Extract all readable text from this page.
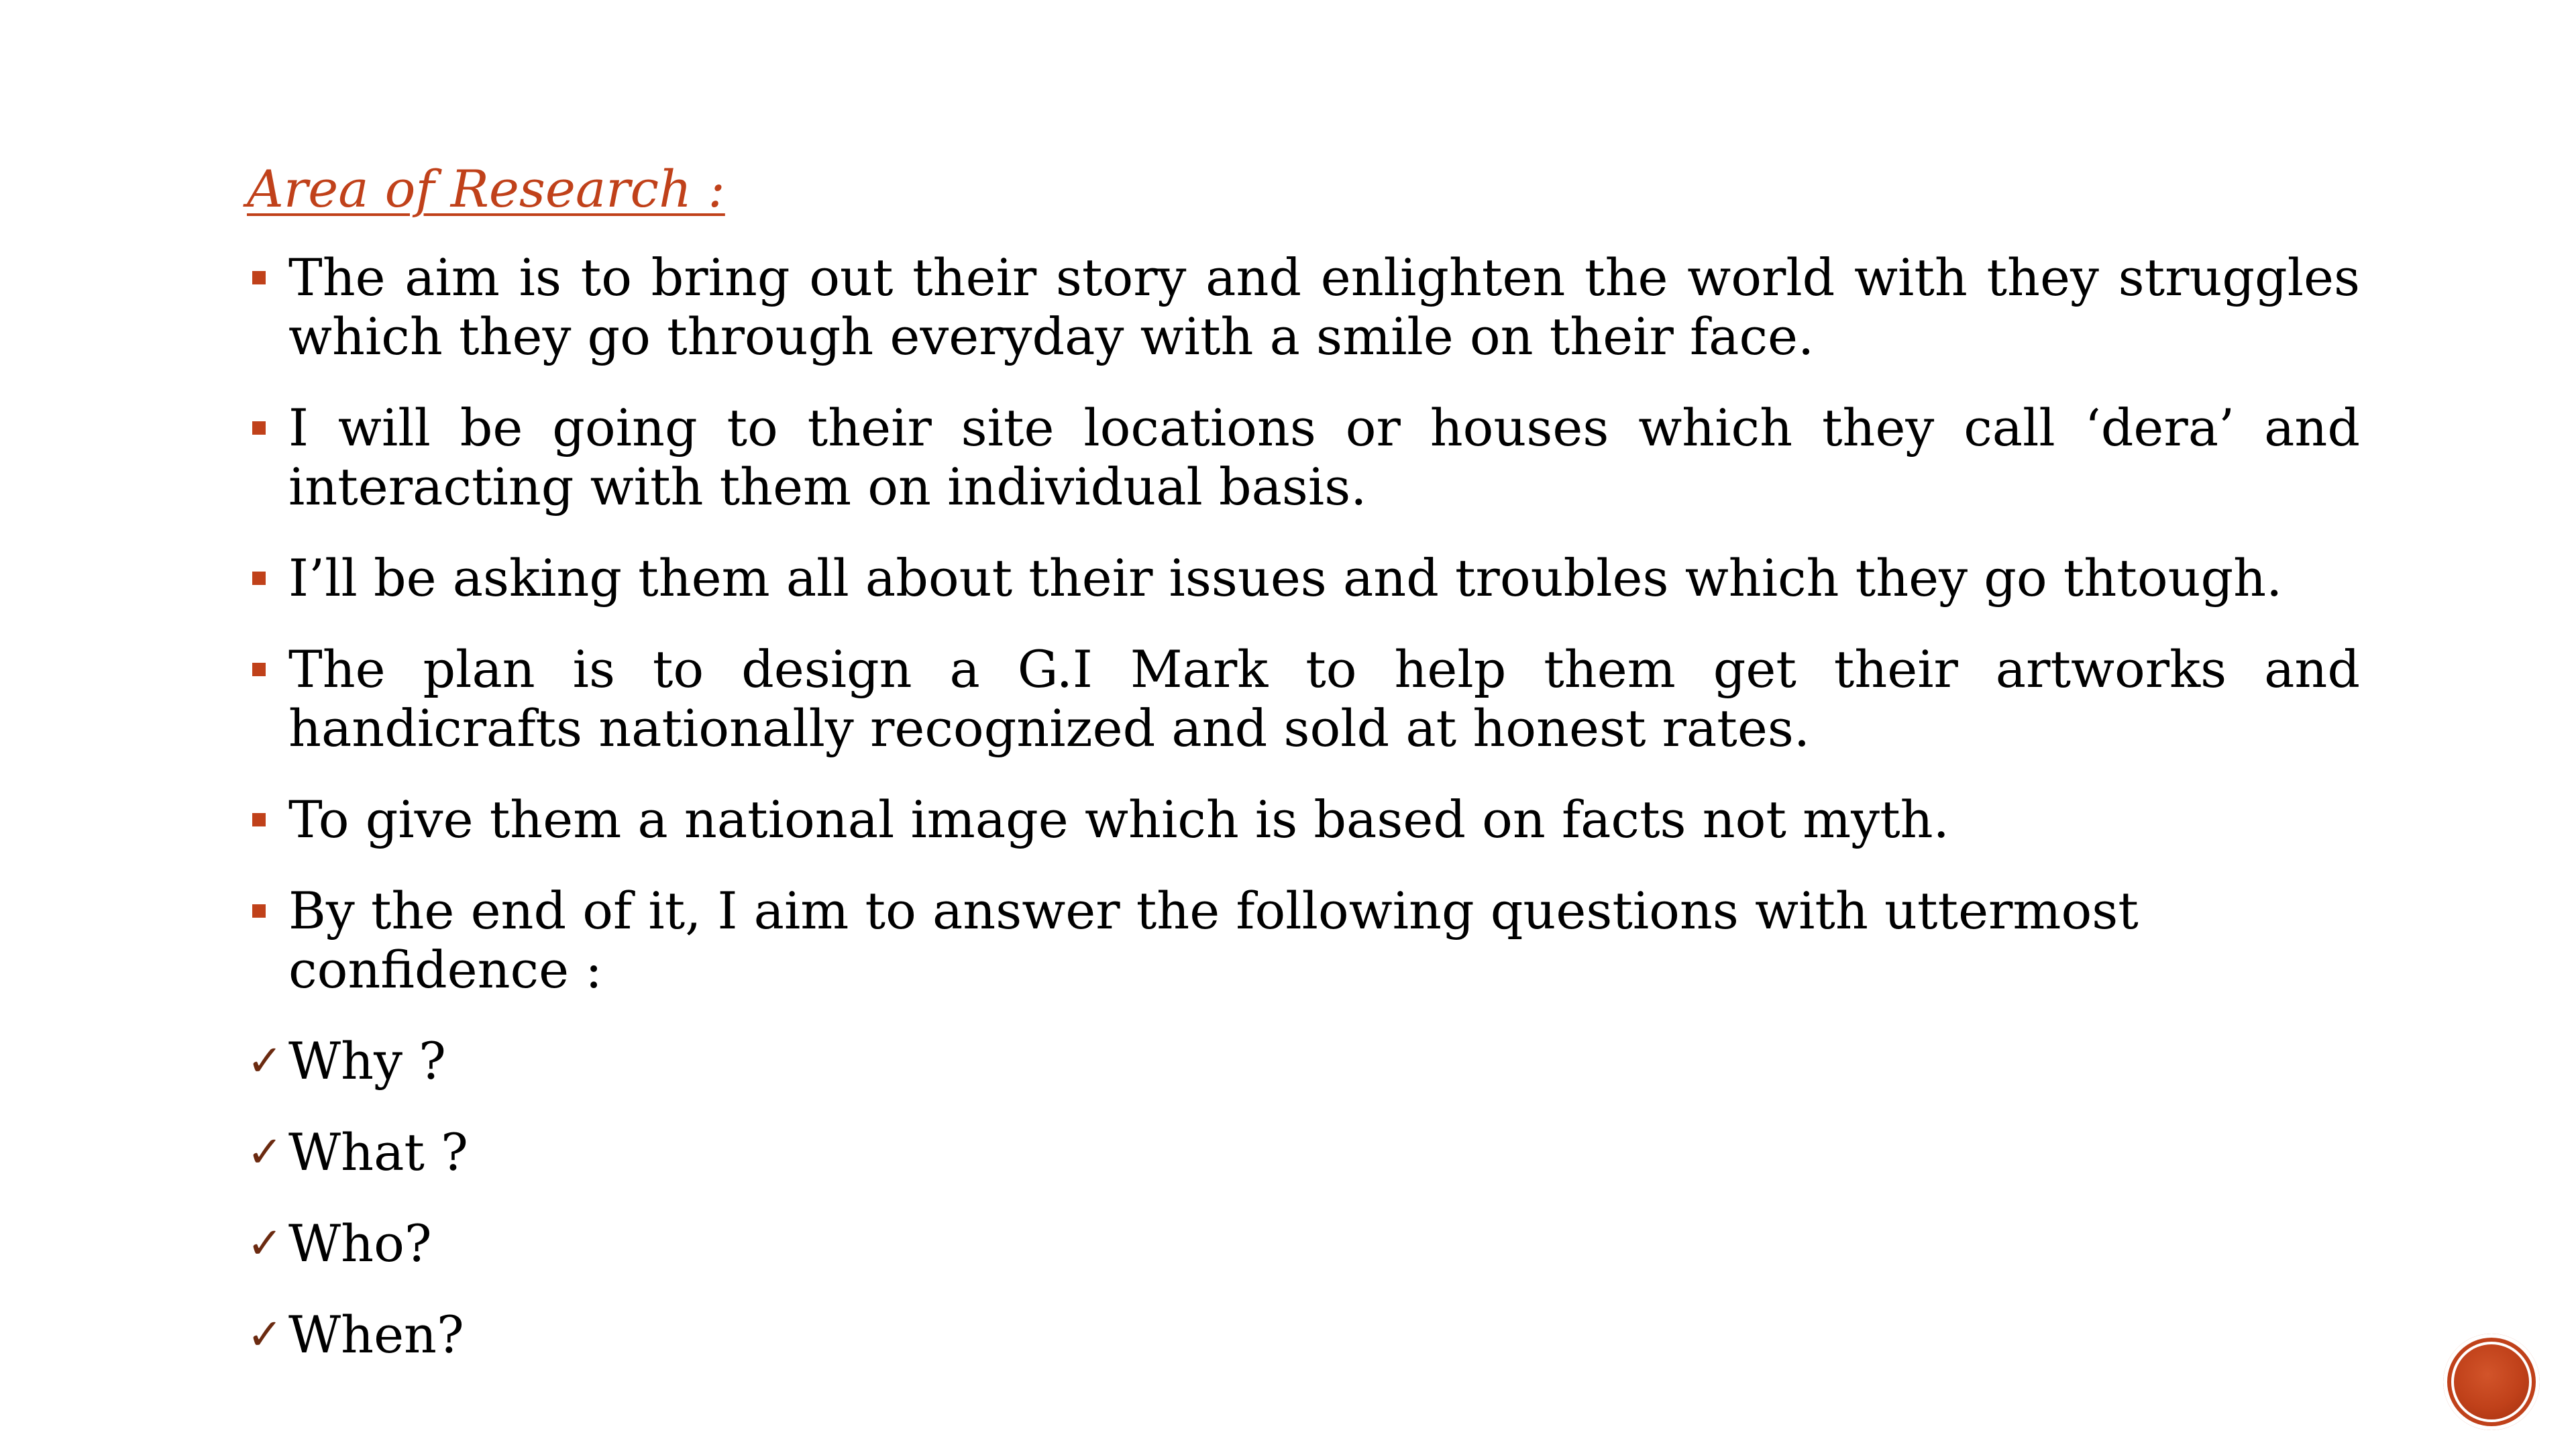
Area of Research :
The aim is to bring out their story and enlighten the world with they struggles which they go through everyday with a smile on their face.
I will be going to their site locations or houses which they call ‘dera’ and interacting with them on individual basis.
I’ll be asking them all about their issues and troubles which they go thtough.
The plan is to design a G.I Mark to help them get their artworks and handicrafts nationally recognized and sold at honest rates.
To give them a national image which is based on facts not myth.
By the end of it, I aim to answer the following questions with uttermost confidence :
✓ Why ?
✓ What ?
✓ Who?
✓ When?
